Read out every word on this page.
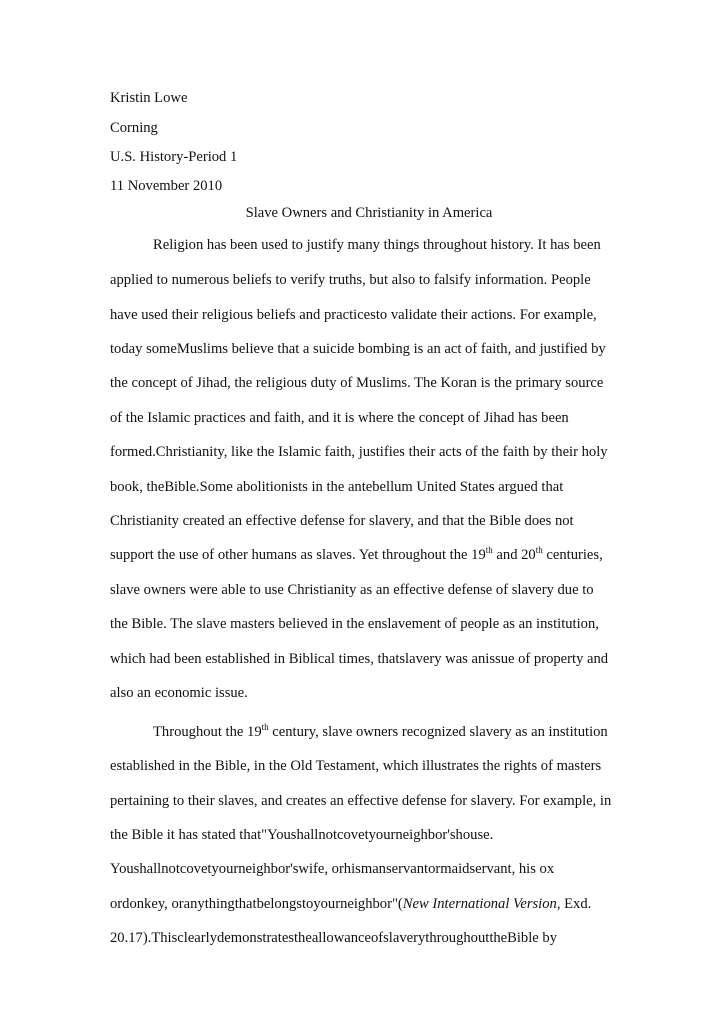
Kristin Lowe
Corning
U.S. History-Period 1
11 November 2010
Slave Owners and Christianity in America
Religion has been used to justify many things throughout history. It has been
applied to numerous beliefs to verify truths, but also to falsify information. People
have used their religious beliefs and practicesto validate their actions. For example,
today someMuslims believe that a suicide bombing is an act of faith, and justified by
the concept of Jihad, the religious duty of Muslims. The Koran is the primary source
of the Islamic practices and faith, and it is where the concept of Jihad has been
formed.Christianity, like the Islamic faith, justifies their acts of the faith by their holy
book, theBible.Some abolitionists in the antebellum United States argued that
Christianity created an effective defense for slavery, and that the Bible does not
support the use of other humans as slaves. Yet throughout the 19th and 20th centuries,
slave owners were able to use Christianity as an effective defense of slavery due to
the Bible. The slave masters believed in the enslavement of people as an institution,
which had been established in Biblical times, thatslavery was anissue of property and
also an economic issue.
Throughout the 19th century, slave owners recognized slavery as an institution
established in the Bible, in the Old Testament, which illustrates the rights of masters
pertaining to their slaves, and creates an effective defense for slavery. For example, in
the Bible it has stated that"Youshallnotcovetyourneighbor'shouse.
Youshallnotcovetyourneighbor'swife, orhismanservantormaidservant, his ox
ordonkey, oranythingthatbelongstoyourneighbor"(New International Version, Exd.
20.17).ThisclearlydemonstratestheallowanceofslaverythroughouttheBible by
